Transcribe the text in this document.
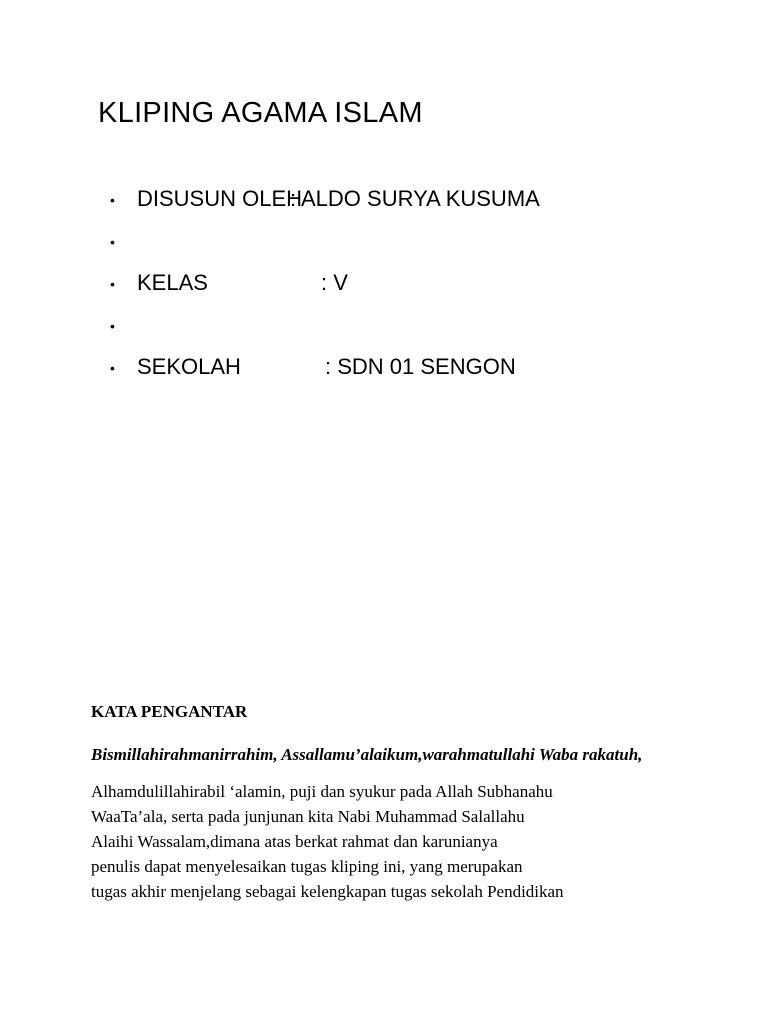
KLIPING AGAMA ISLAM
• DISUSUN OLEH
: ALDO SURYA KUSUMA
•
• KELAS	: V
•
• SEKOLAH	: SDN 01 SENGON
KATA PENGANTAR

Bismillahirahmanirrahim, Assallamu’alaikum,warahmatullahi Waba rakatuh,

Alhamdulillahirabil ‘alamin, puji dan syukur pada Allah Subhanahu
WaaTa’ala, serta pada junjunan kita Nabi Muhammad Salallahu
Alaihi Wassalam,dimana atas berkat rahmat dan karunianya
penulis dapat menyelesaikan tugas kliping ini, yang merupakan
tugas akhir menjelang sebagai kelengkapan tugas sekolah Pendidikan
